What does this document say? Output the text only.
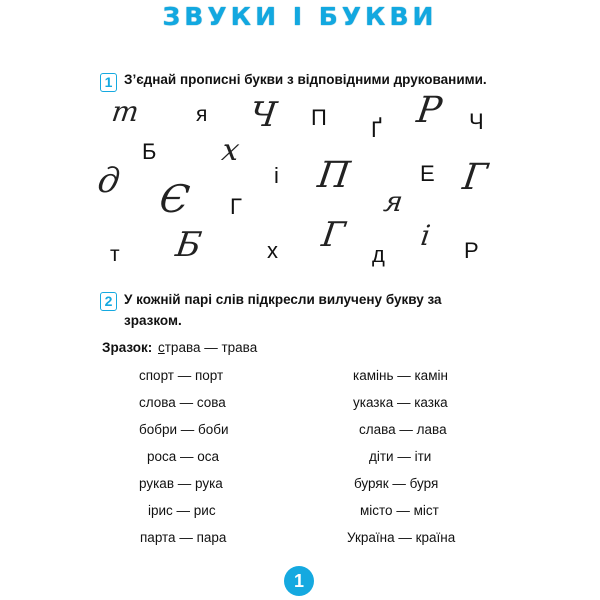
ЗВУКИ І БУКВИ
1 З’єднай прописні букви з відповідними друкованими.
т	я Ч П Ґ Р Ч
Б х
д Є
і П	Е Г
Г	я
т Б	х Г д
і Р
2 У кожній парі слів підкресли вилучену букву за
зразком.
Зразок: страва — трава
спорт — порт
слова — сова
бобри — боби
роса — оса
рукав — рука
ірис — рис
парта — пара
камінь — камін
указка — казка
слава — лава
діти — іти
буряк — буря
місто — міст
Україна — країна
1
